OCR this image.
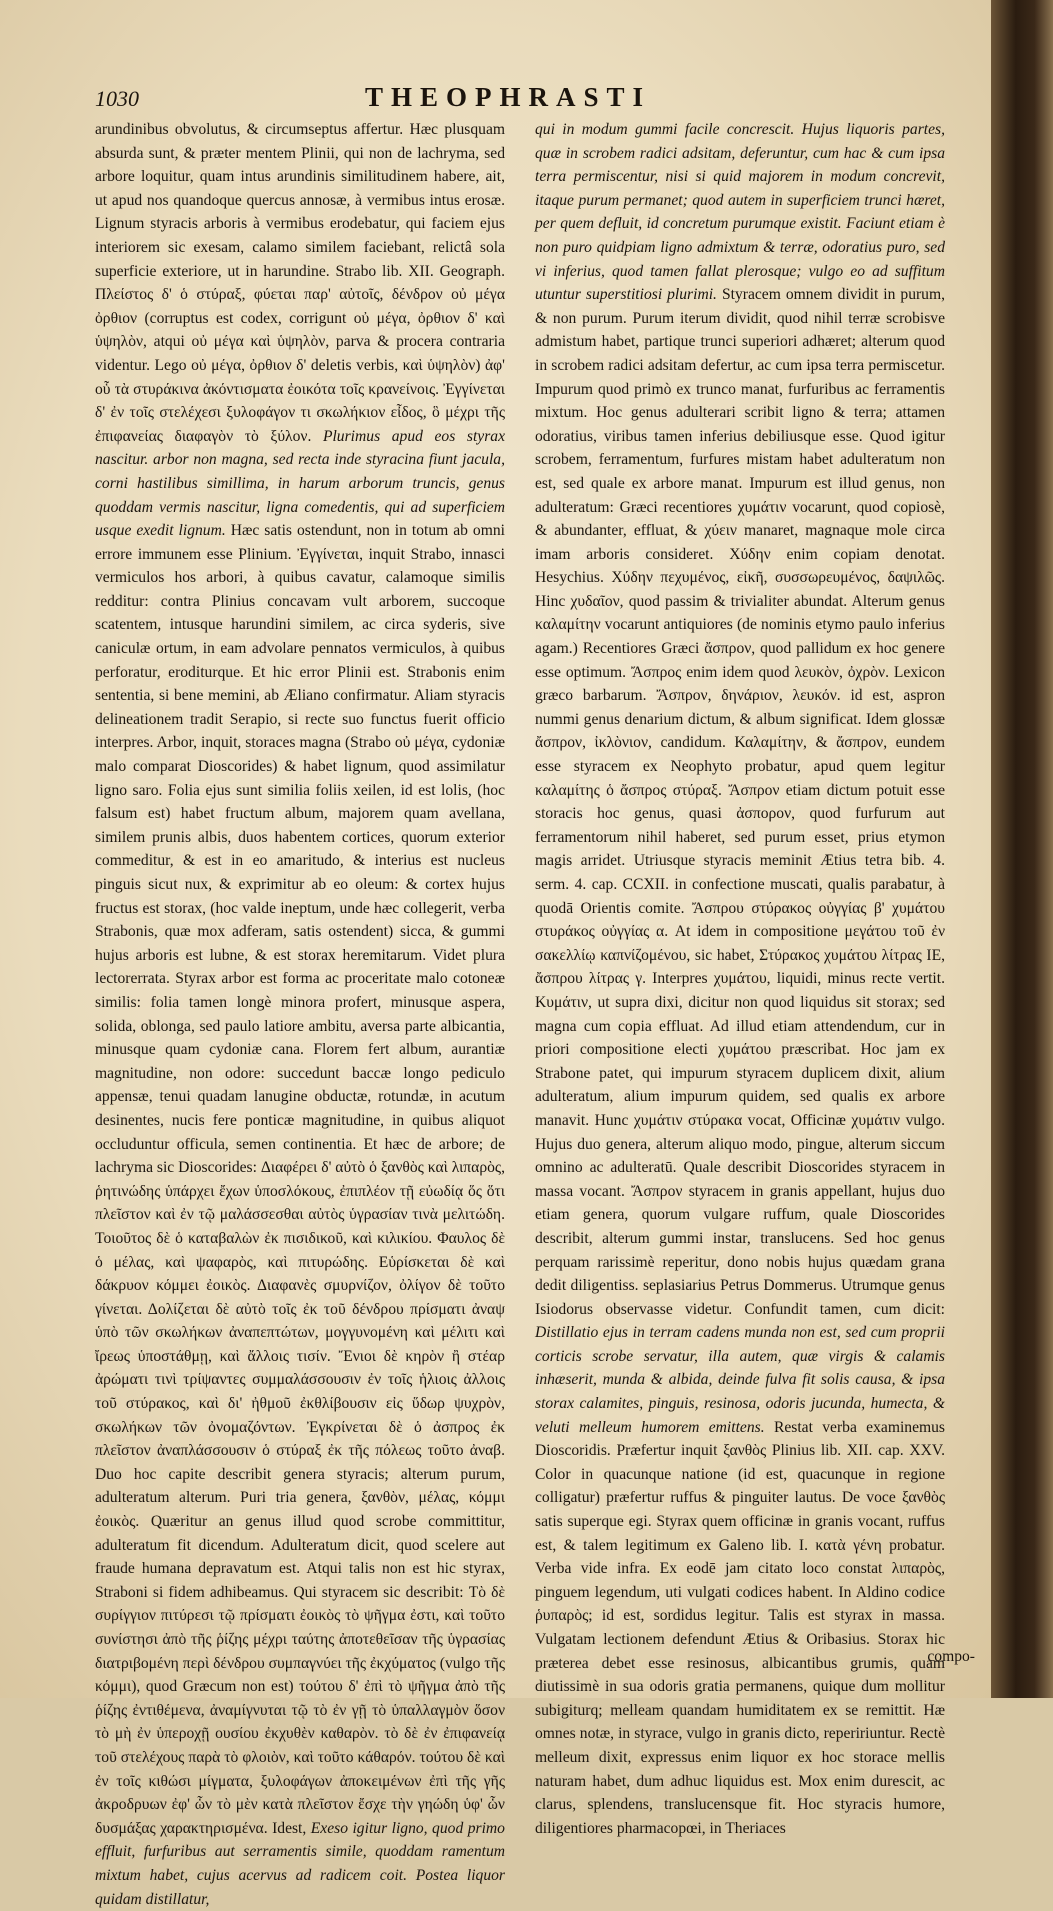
1030	THEOPHRASTI

arundinibus obvolutus, & circumseptus affertur. Hæc plusquam absurda sunt, & præter mentem Plinii, qui non de lachryma, sed arbore loquitur, quam intus arundinis similitudinem habere, ait, ut apud nos quandoque quercus annosæ, à vermibus intus erosæ. Lignum styracis arboris à vermibus erodebatur, qui faciem ejus interiorem sic exesam, calamo similem faciebant, relictâ sola superficie exteriore, ut in harundine. Strabo lib. XII. Geograph. Πλείστος δ' ὁ στύραξ, φύεται παρ' αὐτοῖς, δένδρον οὐ μέγα ὀρθιον (corruptus est codex, corrigunt οὐ μέγα, ὀρθιον δ' καὶ ὑψηλὸν, atqui οὐ μέγα καὶ ὑψηλὸν, parva & procera contraria videntur. Lego οὐ μέγα, ὀρθιον δ' deletis verbis, καὶ ὑψηλὸν) ἀφ' οὗ τὰ στυράκινα ἀκόντισματα ἐοικότα τοῖς κρανείνοις. Ἐγγίνεται δ' ἐν τοῖς στελέχεσι ξυλοφάγον τι σκωλήκιον εἶδος, ὃ μέχρι τῆς ἐπιφανείας διαφαγὸν τὸ ξύλον. Plurimus apud eos styrax nascitur. arbor non magna, sed recta inde styracina fiunt jacula, corni hastilibus simillima, in harum arborum truncis, genus quoddam vermis nascitur, ligna comedentis, qui ad superficiem usque exedit lignum. Hæc satis ostendunt, non in totum ab omni errore immunem esse Plinium. Ἐγγίνεται, inquit Strabo, innasci vermiculos hos arbori, à quibus cavatur, calamoque similis redditur: contra Plinius concavam vult arborem, succoque scatentem, intusque harundini similem, ac circa syderis, sive caniculæ ortum, in eam advolare pennatos vermiculos, à quibus perforatur, eroditurque. Et hic error Plinii est. Strabonis enim sententia, si bene memini, ab Æliano confirmatur. Aliam styracis delineationem tradit Serapio, si recte suo functus fuerit officio interpres. Arbor, inquit, storaces magna (Strabo οὐ μέγα, cydoniæ malo comparat Dioscorides) & habet lignum, quod assimilatur ligno saro. Folia ejus sunt similia foliis xeilen, id est lolis, (hoc falsum est) habet fructum album, majorem quam avellana, similem prunis albis, duos habentem cortices, quorum exterior commeditur, & est in eo amaritudo, & interius est nucleus pinguis sicut nux, & exprimitur ab eo oleum: & cortex hujus fructus est storax, (hoc valde ineptum, unde hæc collegerit, verba Strabonis, quæ mox adferam, satis ostendent) sicca, & gummi hujus arboris est lubne, & est storax heremitarum. Videt plura lectorerrata. Styrax arbor est forma ac proceritate malo cotoneæ similis: folia tamen longè minora profert, minusque aspera, solida, oblonga, sed paulo latiore ambitu, aversa parte albicantia, minusque quam cydoniæ cana. Florem fert album, aurantiæ magnitudine, non odore: succedunt baccæ longo pediculo appensæ, tenui quadam lanugine obductæ, rotundæ, in acutum desinentes, nucis fere ponticæ magnitudine, in quibus aliquot occluduntur officula, semen continentia. Et hæc de arbore; de lachryma sic Dioscorides: Διαφέρει δ' αὐτὸ ὁ ξανθὸς καὶ λιπαρὸς, ῥητινώδης ὑπάρχει ἔχων ὑποσλόκους, ἐπιπλέον τῇ εὐωδίᾳ ὅς ὅτι πλεῖστον καὶ ἐν τῷ μαλάσσεσθαι αὐτὸς ὑγρασίαν τινὰ μελιτώδη. Τοιοῦτος δὲ ὁ καταβαλὼν ἐκ πισιδικοῦ, καὶ κιλικίου. Φαυλος δὲ ὁ μέλας, καὶ ψαφαρὸς, καὶ πιτυρώδης. Εὑρίσκεται δὲ καὶ δάκρυον κόμμει ἐοικὸς. Διαφανὲς σμυρνίζον, ὀλίγον δὲ τοῦτο γίνεται. Δολίζεται δὲ αὐτὸ τοῖς ἐκ τοῦ δένδρου πρίσματι ἀναψ ὑπὸ τῶν σκωλήκων ἀναπεπτώτων, μογγυνομένη καὶ μέλιτι καὶ ἴρεως ὑποστάθμῃ, καὶ ἄλλοις τισίν. Ἔνιοι δὲ κηρὸν ἢ στέαρ ἀρώματι τινὶ τρίψαντες συμμαλάσσουσιν ἐν τοῖς ἡλιοις ἀλλοις τοῦ στύρακος, καὶ δι' ἠθμοῦ ἐκθλίβουσιν εἰς ὕδωρ ψυχρὸν, σκωλήκων τῶν ὀνομαζόντων. Ἐγκρίνεται δὲ ὁ ἀσπρος ἐκ πλεῖστον ἀναπλάσσουσιν ὁ στύραξ ἐκ τῆς πόλεως τοῦτο ἀναβ. Duo hoc capite describit genera styracis; alterum purum, adulteratum alterum. Puri tria genera, ξανθὸν, μέλας, κόμμι ἐοικὸς. Quæritur an genus illud quod scrobe committitur, adulteratum fit dicendum. Adulteratum dicit, quod scelere aut fraude humana depravatum est. Atqui talis non est hic styrax, Straboni si fidem adhibeamus. Qui styracem sic describit: Τὸ δὲ συρίγγιον πιτύρεσι τῷ πρίσματι ἐοικὸς τὸ ψῆγμα ἐστι, καὶ τοῦτο συνίστησι ἀπὸ τῆς ῥίζης μέχρι ταύτης ἀποτεθεῖσαν τῆς ὑγρασίας διατριβομένη περὶ δένδρου συμπαγνύει τῆς ἐκχύματος (vulgo τῆς κόμμι), quod Græcum non est) τούτου δ' ἐπὶ τὸ ψῆγμα ἀπὸ τῆς ῥίζης ἐντιθέμενα, ἀναμίγνυται τῷ τὸ ἐν γῇ τὸ ὑπαλλαγμὸν ὅσον τὸ μὴ ἐν ὑπεροχῇ ουσίου ἐκχυθὲν καθαρὸν. τὸ δὲ ἐν ἐπιφανείᾳ τοῦ στελέχους παρὰ τὸ φλοιὸν, καὶ τοῦτο κάθαρόν. τούτου δὲ καὶ ἐν τοῖς κιθώσι μίγματα, ξυλοφάγων ἀποκειμένων ἐπὶ τῆς γῆς ἀκροδρυων ἐφ' ὧν τὸ μὲν κατὰ πλεῖστον ἔσχε τὴν γηώδη ὑφ' ὧν δυσμάξας χαρακτηρισμένα. Idest, Exeso igitur ligno, quod primo effluit, furfuribus aut serramentis simile, quoddam ramentum mixtum habet, cujus acervus ad radicem coit. Postea liquor quidam distillatur,

qui in modum gummi facile concrescit. Hujus liquoris partes, quæ in scrobem radici adsitam, deferuntur, cum hac & cum ipsa terra permiscentur, nisi si quid majorem in modum concrevit, itaque purum permanet; quod autem in superficiem trunci hæret, per quem defluit, id concretum purumque existit. Faciunt etiam è non puro quidpiam ligno admixtum & terræ, odoratius puro, sed vi inferius, quod tamen fallat plerosque; vulgo eo ad suffitum utuntur superstitiosi plurimi. Styracem omnem dividit in purum, & non purum. Purum iterum dividit, quod nihil terræ scrobisve admistum habet, partique trunci superiori adhæret; alterum quod in scrobem radici adsitam defertur, ac cum ipsa terra permiscetur. Impurum quod primò ex trunco manat, furfuribus ac ferramentis mixtum. Hoc genus adulterari scribit ligno & terra; attamen odoratius, viribus tamen inferius debiliusque esse. Quod igitur scrobem, ferramentum, furfures mistam habet adulteratum non est, sed quale ex arbore manat. Impurum est illud genus, non adulteratum: Græci recentiores χυμάτιν vocarunt, quod copiosè, & abundanter, effluat, & χύειν manaret, magnaque mole circa imam arboris consideret. Χύδην enim copiam denotat. Hesychius. Χύδην πεχυμένος, εἰκῆ, συσσωρευμένος, δαψιλῶς. Hinc χυδαῖον, quod passim & trivialiter abundat. Alterum genus καλαμίτην vocarunt antiquiores (de nominis etymo paulo inferius agam.) Recentiores Græci ἄσπρον, quod pallidum ex hoc genere esse optimum. Ἄσπρος enim idem quod λευκὸν, ὀχρὸν. Lexicon græco barbarum. Ἄσπρον, δηνάριον, λευκόν. id est, aspron nummi genus denarium dictum, & album significat. Idem glossæ ἄσπρον, ἰκλὸνιον, candidum. Καλαμίτην, & ἄσπρον, eundem esse styracem ex Neophyto probatur, apud quem legitur καλαμίτης ὁ ἄσπρος στύραξ. Ἄσπρον etiam dictum potuit esse storacis hoc genus, quasi ἀσπορον, quod furfurum aut ferramentorum nihil haberet, sed purum esset, prius etymon magis arridet. Utriusque styracis meminit Ætius tetra bib. 4. serm. 4. cap. CCXII. in confectione muscati, qualis parabatur, à quodā Orientis comite. Ἄσπρου στύρακος οὐγγίας β' χυμάτου στυράκος οὐγγίας α. At idem in compositione μεγάτου τοῦ ἐν σακελλίῳ καπνίζομένου, sic habet, Στύρακος χυμάτου λίτρας ΙΕ, ἄσπρου λίτρας γ. Interpres χυμάτου, liquidi, minus recte vertit. Κυμάτιν, ut supra dixi, dicitur non quod liquidus sit storax; sed magna cum copia effluat. Ad illud etiam attendendum, cur in priori compositione electi χυμάτου præscribat. Hoc jam ex Strabone patet, qui impurum styracem duplicem dixit, alium adulteratum, alium impurum quidem, sed qualis ex arbore manavit. Hunc χυμάτιν στύρακα vocat, Officinæ χυμάτιν vulgo. Hujus duo genera, alterum aliquo modo, pingue, alterum siccum omnino ac adulteratū. Quale describit Dioscorides styracem in massa vocant. Ἄσπρον styracem in granis appellant, hujus duo etiam genera, quorum vulgare ruffum, quale Dioscorides describit, alterum gummi instar, translucens. Sed hoc genus perquam rarissimè reperitur, dono nobis hujus quædam grana dedit diligentiss. seplasiarius Petrus Dommerus. Utrumque genus Isiodorus observasse videtur. Confundit tamen, cum dicit: Distillatio ejus in terram cadens munda non est, sed cum proprii corticis scrobe servatur, illa autem, quæ virgis & calamis inhæserit, munda & albida, deinde fulva fit solis causa, & ipsa storax calamites, pinguis, resinosa, odoris jucunda, humecta, & veluti melleum humorem emittens. Restat verba examinemus Dioscoridis. Præfertur inquit ξανθὸς Plinius lib. XII. cap. XXV. Color in quacunque natione (id est, quacunque in regione colligatur) præfertur ruffus & pinguiter lautus. De voce ξανθὸς satis superque egi. Styrax quem officinæ in granis vocant, ruffus est, & talem legitimum ex Galeno lib. I. κατὰ γένη probatur. Verba vide infra. Ex eodē jam citato loco constat λιπαρὸς, pinguem legendum, uti vulgati codices habent. In Aldino codice ῥυπαρὸς; id est, sordidus legitur. Talis est styrax in massa. Vulgatam lectionem defendunt Ætius & Oribasius. Storax hic præterea debet esse resinosus, albicantibus grumis, quam diutissimè in sua odoris gratia permanens, quique dum mollitur subigiturq; melleam quandam humiditatem ex se remittit. Hæ omnes notæ, in styrace, vulgo in granis dicto, repeririuntur. Rectè melleum dixit, expressus enim liquor ex hoc storace mellis naturam habet, dum adhuc liquidus est. Mox enim durescit, ac clarus, splendens, translucensque fit. Hoc styracis humore, diligentiores pharmacopœi, in Theriaces

compo-
